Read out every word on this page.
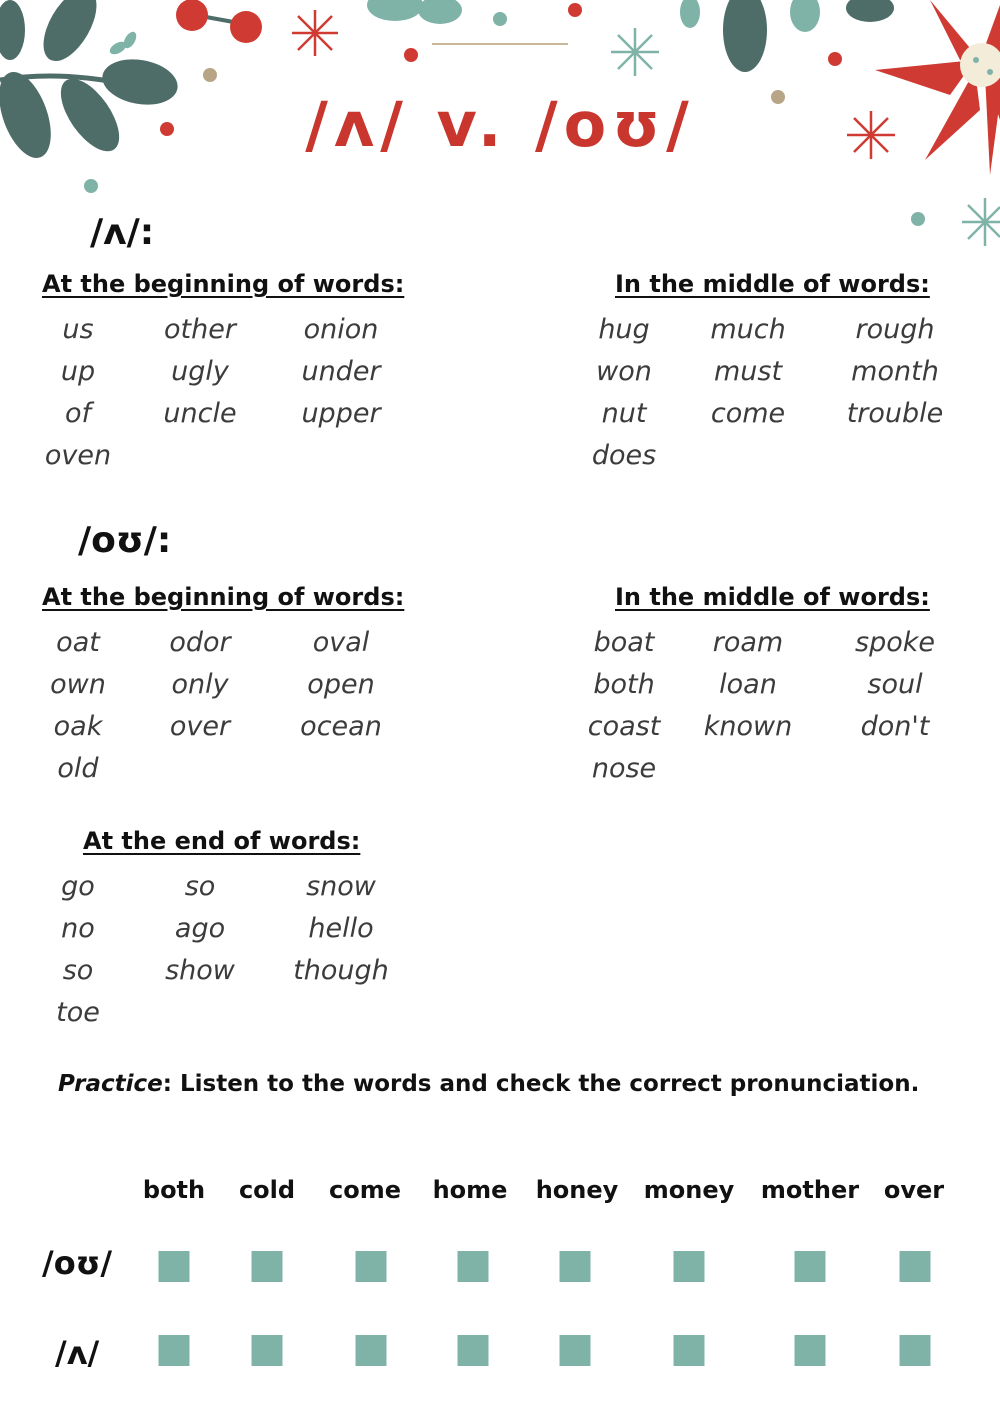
/ʌ/ v. /oʊ/
/ʌ/:
At the beginning of words:	In the middle of words:
us
up
of
oven
other
ugly
uncle
onion
under
upper
hug
won
nut
does
much
must
come
rough
month
trouble
/oʊ/:
At the beginning of words:	In the middle of words:
oat
own
oak
old
odor
only
over
oval
open
ocean
boat
both
coast
nose
roam
loan
known
spoke
soul
don't
At the end of words:
go
no
so
toe
so
ago
show
snow
hello
though
Practice: Listen to the words and check the correct pronunciation.
both cold come home honey money mother over
/oʊ/
/ʌ/
